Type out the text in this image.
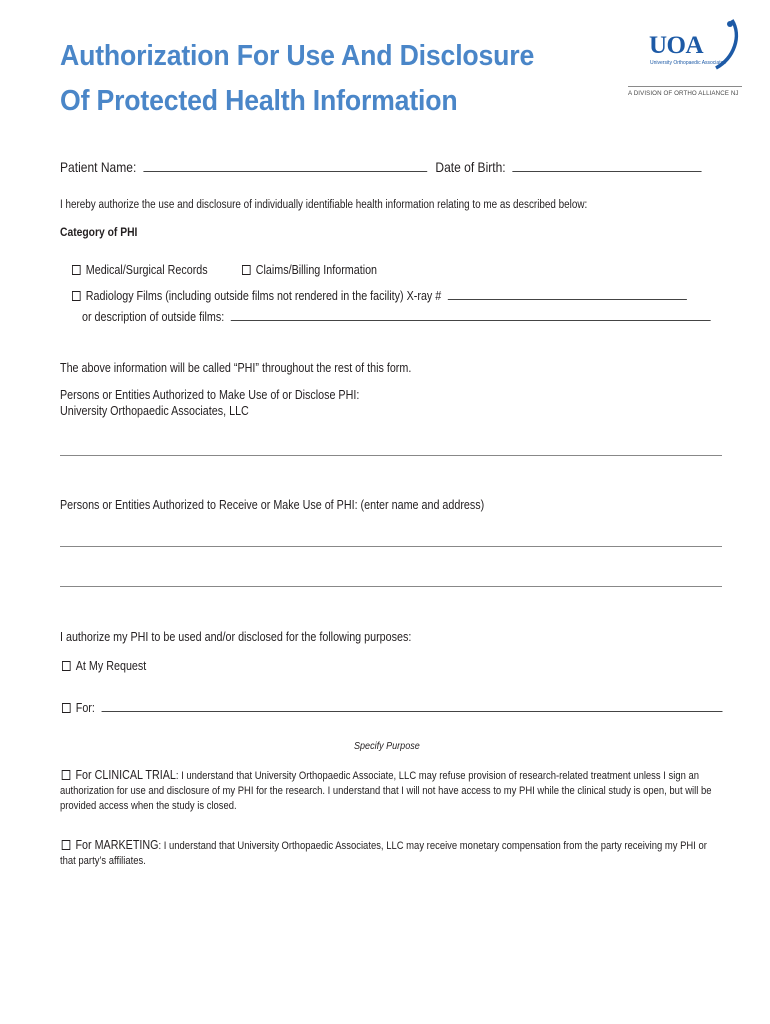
Authorization For Use And Disclosure
Of Protected Health Information
UOA
University Orthopaedic Associates
A DIVISION OF ORTHO ALLIANCE NJ
Patient Name:	Date of Birth:
I hereby authorize the use and disclosure of individually identifiable health information relating to me as described below:
Category of PHI
Medical/Surgical Records	Claims/Billing Information
Radiology Films (including outside films not rendered in the facility) X-ray #
or description of outside films:
The above information will be called “PHI” throughout the rest of this form.
Persons or Entities Authorized to Make Use of or Disclose PHI:
University Orthopaedic Associates, LLC
Persons or Entities Authorized to Receive or Make Use of PHI: (enter name and address)
I authorize my PHI to be used and/or disclosed for the following purposes:
At My Request
For:
Specify Purpose
For CLINICAL TRIAL: I understand that University Orthopaedic Associate, LLC may refuse provision of research-related treatment unless I sign an authorization for use and disclosure of my PHI for the research. I understand that I will not have access to my PHI while the clinical study is open, but will be provided access when the study is closed.
For MARKETING: I understand that University Orthopaedic Associates, LLC may receive monetary compensation from the party receiving my PHI or that party’s affiliates.
